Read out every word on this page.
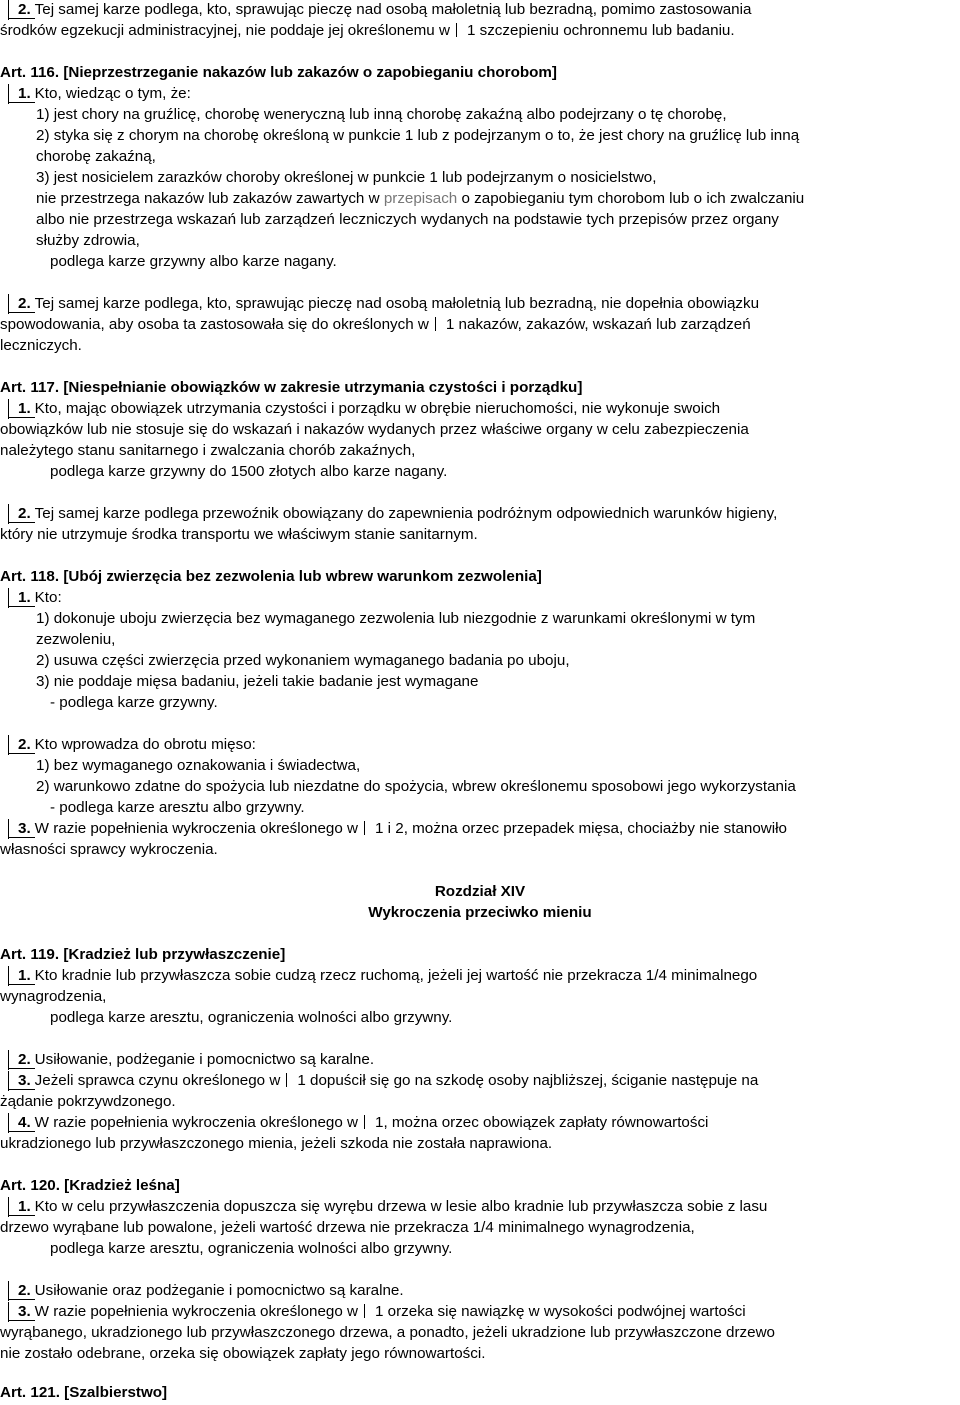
2. Tej samej karze podlega, kto, sprawując pieczę nad osobą małoletnią lub bezradną, pomimo zastosowania
środków egzekucji administracyjnej, nie poddaje jej określonemu w 1 szczepieniu ochronnemu lub badaniu.
Art. 116. [Nieprzestrzeganie nakazów lub zakazów o zapobieganiu chorobom]
1. Kto, wiedząc o tym, że:
1) jest chory na gruźlicę, chorobę weneryczną lub inną chorobę zakaźną albo podejrzany o tę chorobę,
2) styka się z chorym na chorobę określoną w punkcie 1 lub z podejrzanym o to, że jest chory na gruźlicę lub inną
chorobę zakaźną,
3) jest nosicielem zarazków choroby określonej w punkcie 1 lub podejrzanym o nosicielstwo,
nie przestrzega nakazów lub zakazów zawartych w przepisach o zapobieganiu tym chorobom lub o ich zwalczaniu
albo nie przestrzega wskazań lub zarządzeń leczniczych wydanych na podstawie tych przepisów przez organy
służby zdrowia,
podlega karze grzywny albo karze nagany.
2. Tej samej karze podlega, kto, sprawując pieczę nad osobą małoletnią lub bezradną, nie dopełnia obowiązku
spowodowania, aby osoba ta zastosowała się do określonych w 1 nakazów, zakazów, wskazań lub zarządzeń
leczniczych.
Art. 117. [Niespełnianie obowiązków w zakresie utrzymania czystości i porządku]
1. Kto, mając obowiązek utrzymania czystości i porządku w obrębie nieruchomości, nie wykonuje swoich
obowiązków lub nie stosuje się do wskazań i nakazów wydanych przez właściwe organy w celu zabezpieczenia
należytego stanu sanitarnego i zwalczania chorób zakaźnych,
podlega karze grzywny do 1500 złotych albo karze nagany.
2. Tej samej karze podlega przewoźnik obowiązany do zapewnienia podróżnym odpowiednich warunków higieny,
który nie utrzymuje środka transportu we właściwym stanie sanitarnym.
Art. 118. [Ubój zwierzęcia bez zezwolenia lub wbrew warunkom zezwolenia]
1. Kto:
1) dokonuje uboju zwierzęcia bez wymaganego zezwolenia lub niezgodnie z warunkami określonymi w tym
zezwoleniu,
2) usuwa części zwierzęcia przed wykonaniem wymaganego badania po uboju,
3) nie poddaje mięsa badaniu, jeżeli takie badanie jest wymagane
- podlega karze grzywny.
2. Kto wprowadza do obrotu mięso:
1) bez wymaganego oznakowania i świadectwa,
2) warunkowo zdatne do spożycia lub niezdatne do spożycia, wbrew określonemu sposobowi jego wykorzystania
- podlega karze aresztu albo grzywny.
3. W razie popełnienia wykroczenia określonego w 1 i 2, można orzec przepadek mięsa, chociażby nie stanowiło
własności sprawcy wykroczenia.
Rozdział XIV
Wykroczenia przeciwko mieniu
Art. 119. [Kradzież lub przywłaszczenie]
1. Kto kradnie lub przywłaszcza sobie cudzą rzecz ruchomą, jeżeli jej wartość nie przekracza 1/4 minimalnego
wynagrodzenia,
podlega karze aresztu, ograniczenia wolności albo grzywny.
2. Usiłowanie, podżeganie i pomocnictwo są karalne.
3. Jeżeli sprawca czynu określonego w 1 dopuścił się go na szkodę osoby najbliższej, ściganie następuje na
żądanie pokrzywdzonego.
4. W razie popełnienia wykroczenia określonego w 1, można orzec obowiązek zapłaty równowartości
ukradzionego lub przywłaszczonego mienia, jeżeli szkoda nie została naprawiona.
Art. 120. [Kradzież leśna]
1. Kto w celu przywłaszczenia dopuszcza się wyrębu drzewa w lesie albo kradnie lub przywłaszcza sobie z lasu
drzewo wyrąbane lub powalone, jeżeli wartość drzewa nie przekracza 1/4 minimalnego wynagrodzenia,
podlega karze aresztu, ograniczenia wolności albo grzywny.
2. Usiłowanie oraz podżeganie i pomocnictwo są karalne.
3. W razie popełnienia wykroczenia określonego w 1 orzeka się nawiązkę w wysokości podwójnej wartości
wyrąbanego, ukradzionego lub przywłaszczonego drzewa, a ponadto, jeżeli ukradzione lub przywłaszczone drzewo
nie zostało odebrane, orzeka się obowiązek zapłaty jego równowartości.
Art. 121. [Szalbierstwo]
